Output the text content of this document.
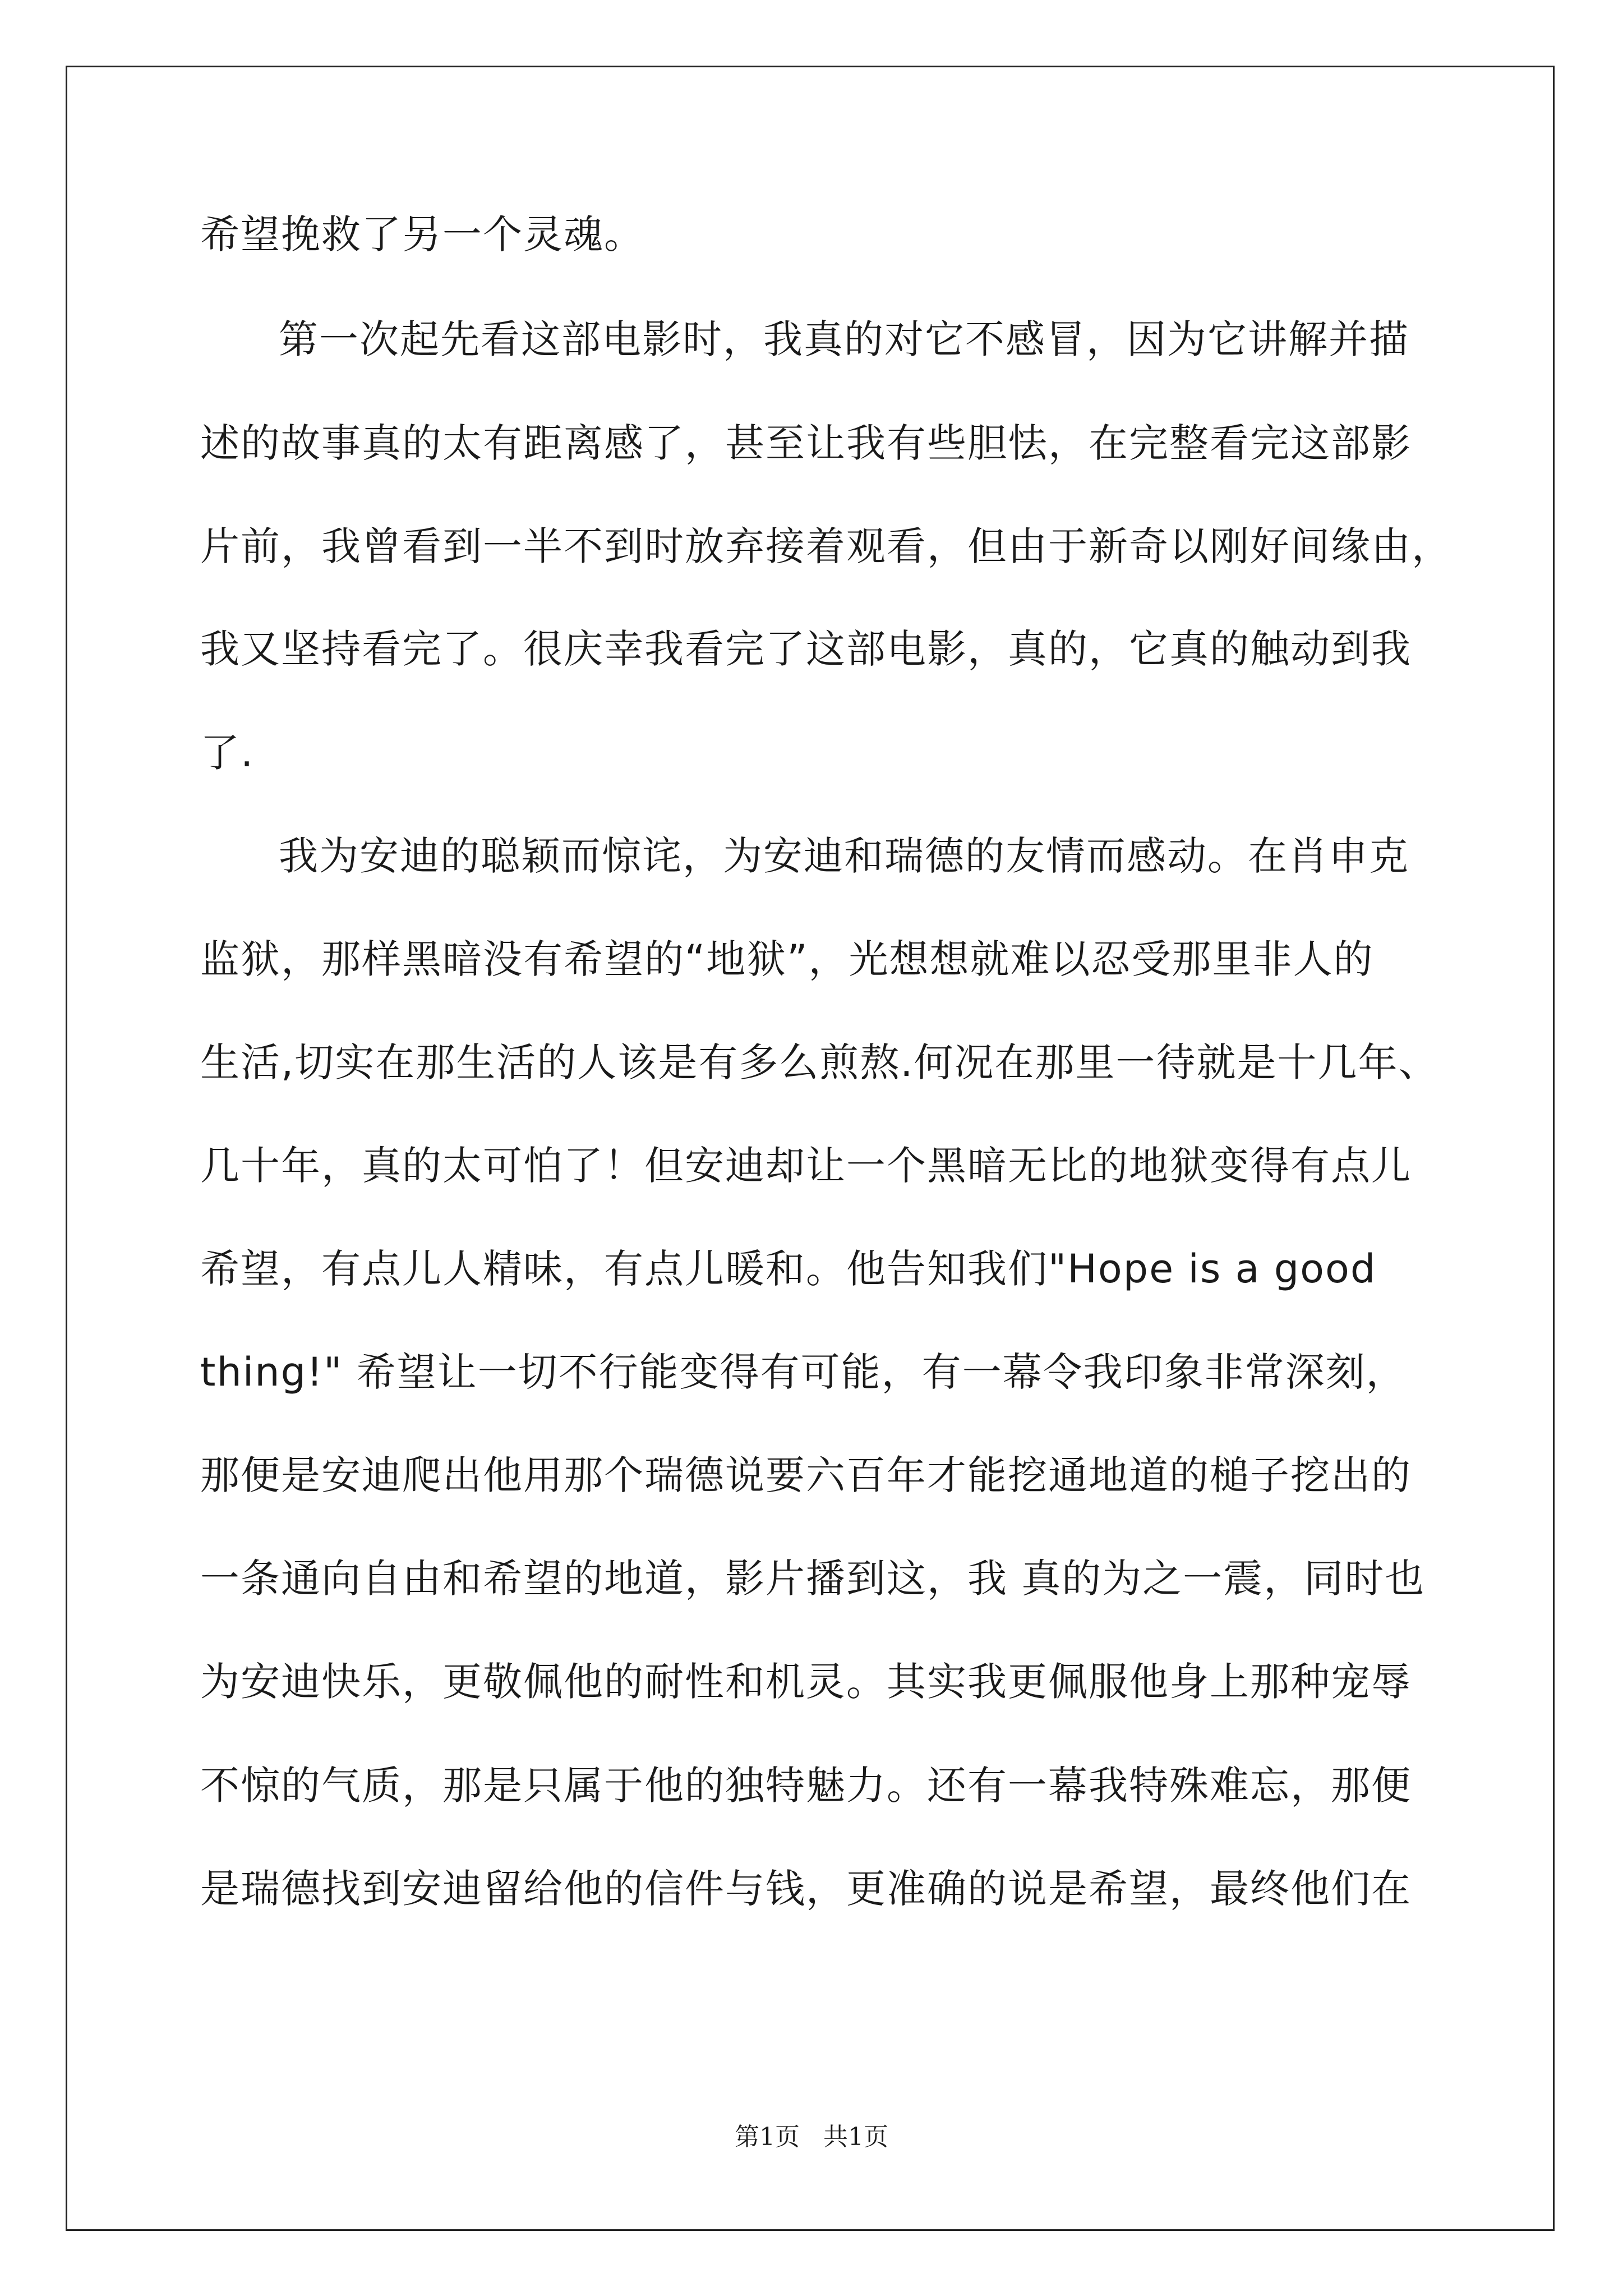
希望挽救了另一个灵魂。

第一次起先看这部电影时，我真的对它不感冒，因为它讲解并描

述的故事真的太有距离感了，甚至让我有些胆怯，在完整看完这部影

片前，我曾看到一半不到时放弃接着观看，但由于新奇以刚好间缘由，

我又坚持看完了。很庆幸我看完了这部电影，真的，它真的触动到我

了.

我为安迪的聪颖而惊诧，为安迪和瑞德的友情而感动。在肖申克

监狱，那样黑暗没有希望的“地狱”，光想想就难以忍受那里非人的

生活,切实在那生活的人该是有多么煎熬.何况在那里一待就是十几年、

几十年，真的太可怕了！但安迪却让一个黑暗无比的地狱变得有点儿

希望，有点儿人精味，有点儿暖和。他告知我们"Hope is a good

thing!" 希望让一切不行能变得有可能，有一幕令我印象非常深刻，

那便是安迪爬出他用那个瑞德说要六百年才能挖通地道的槌子挖出的

一条通向自由和希望的地道，影片播到这，我 真的为之一震，同时也

为安迪快乐，更敬佩他的耐性和机灵。其实我更佩服他身上那种宠辱

不惊的气质，那是只属于他的独特魅力。还有一幕我特殊难忘，那便

是瑞德找到安迪留给他的信件与钱，更准确的说是希望，最终他们在

第1页   共1页
